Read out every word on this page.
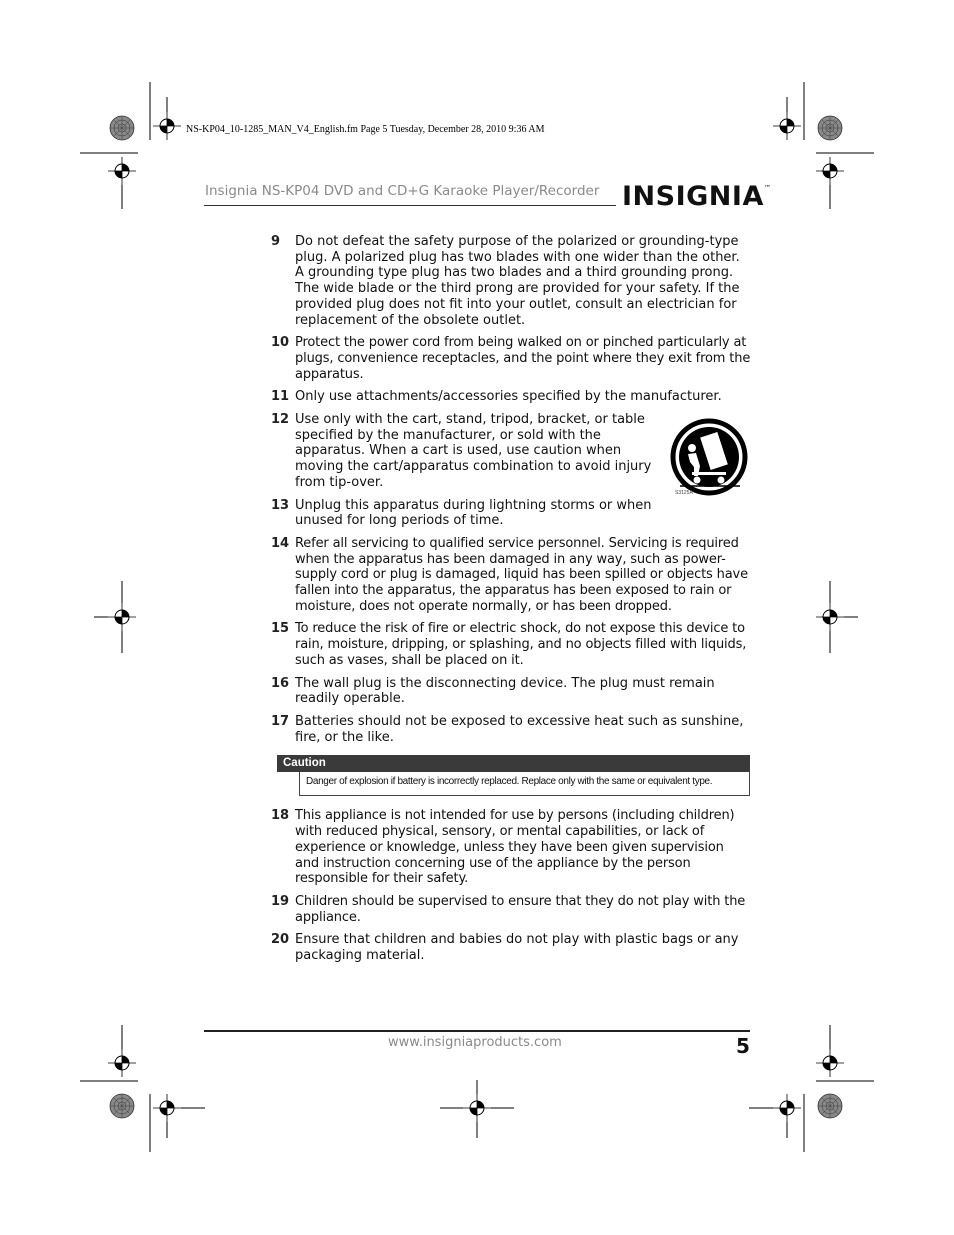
NS-KP04_10-1285_MAN_V4_English.fm Page 5 Tuesday, December 28, 2010 9:36 AM
Insignia NS-KP04 DVD and CD+G Karaoke Player/Recorder INSIGNIA™
9	Do not defeat the safety purpose of the polarized or grounding-type plug. A polarized plug has two blades with one wider than the other. A grounding type plug has two blades and a third grounding prong. The wide blade or the third prong are provided for your safety. If the provided plug does not fit into your outlet, consult an electrician for replacement of the obsolete outlet.
10 Protect the power cord from being walked on or pinched particularly at plugs, convenience receptacles, and the point where they exit from the apparatus.
11 Only use attachments/accessories specified by the manufacturer.
12 Use only with the cart, stand, tripod, bracket, or table specified by the manufacturer, or sold with the apparatus. When a cart is used, use caution when moving the cart/apparatus combination to avoid injury from tip-over.
13 Unplug this apparatus during lightning storms or when unused for long periods of time.
14 Refer all servicing to qualified service personnel. Servicing is required when the apparatus has been damaged in any way, such as power-supply cord or plug is damaged, liquid has been spilled or objects have fallen into the apparatus, the apparatus has been exposed to rain or moisture, does not operate normally, or has been dropped.
15 To reduce the risk of fire or electric shock, do not expose this device to rain, moisture, dripping, or splashing, and no objects filled with liquids, such as vases, shall be placed on it.
16 The wall plug is the disconnecting device. The plug must remain readily operable.
17 Batteries should not be exposed to excessive heat such as sunshine, fire, or the like.
Caution
Danger of explosion if battery is incorrectly replaced. Replace only with the same or equivalent type.
18 This appliance is not intended for use by persons (including children) with reduced physical, sensory, or mental capabilities, or lack of experience or knowledge, unless they have been given supervision and instruction concerning use of the appliance by the person responsible for their safety.
19 Children should be supervised to ensure that they do not play with the appliance.
20 Ensure that children and babies do not play with plastic bags or any packaging material.
S3125A
www.insigniaproducts.com	5
